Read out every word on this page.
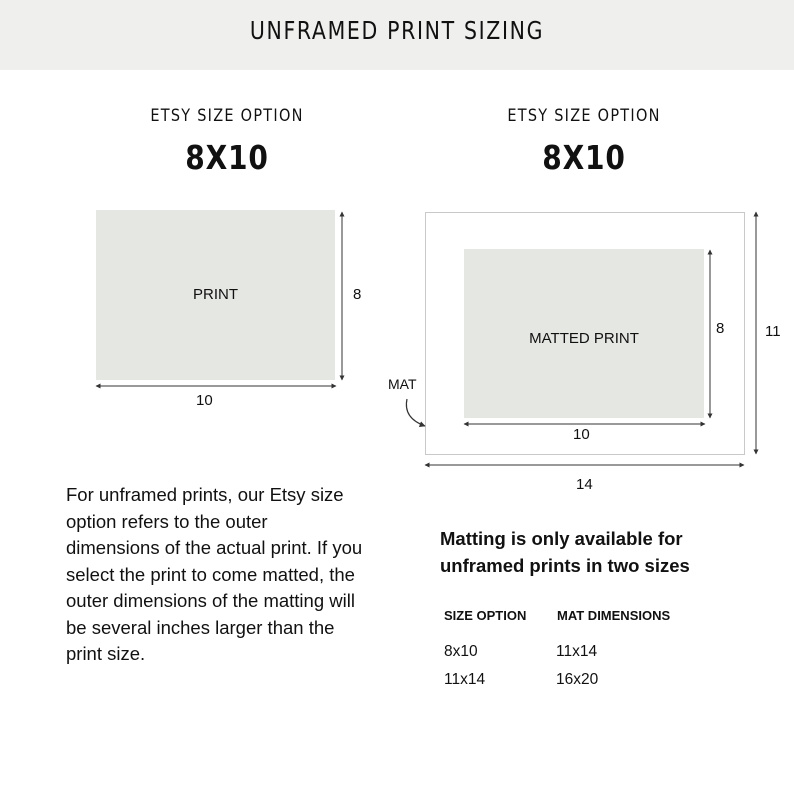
UNFRAMED PRINT SIZING
ETSY SIZE OPTION
8X10
PRINT	8
10
ETSY SIZE OPTION
8X10
MATTED PRINT
8	11
10
14
MAT
For unframed prints, our Etsy size option refers to the outer dimensions of the actual print. If you select the print to come matted, the outer dimensions of the matting will be several inches larger than the print size.
Matting is only available for unframed prints in two sizes
SIZE OPTION MAT DIMENSIONS
8x10	11x14
11x14	16x20
